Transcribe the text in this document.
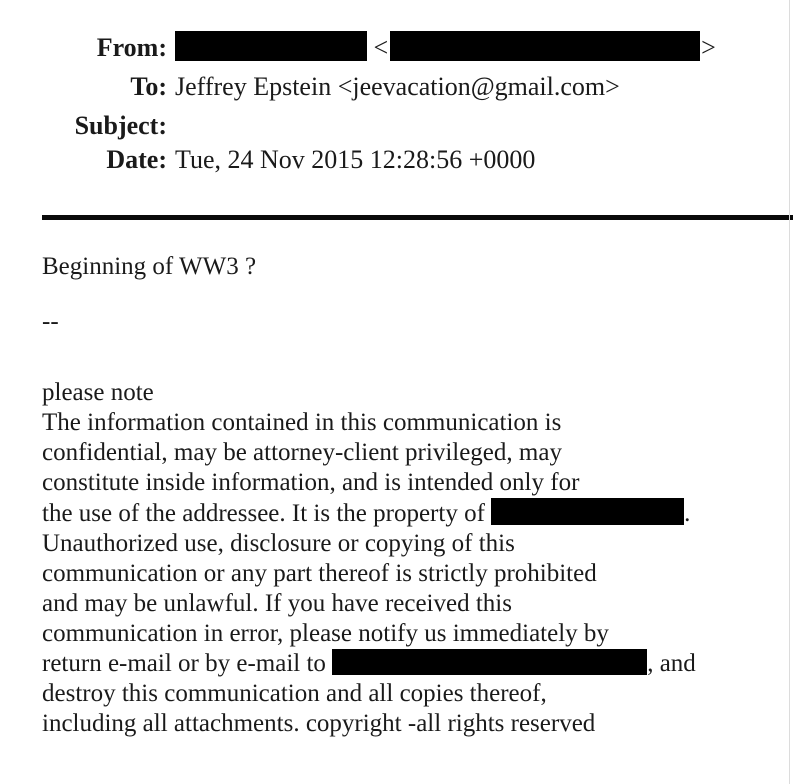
From:	<	>
To: Jeffrey Epstein <jeevacation@gmail.com>
Subject:
Date: Tue, 24 Nov 2015 12:28:56 +0000
Beginning of WW3 ?
--
please note
The information contained in this communication is
confidential, may be attorney-client privileged, may
constitute inside information, and is intended only for
the use of the addressee. It is the property of	.
Unauthorized use, disclosure or copying of this
communication or any part thereof is strictly prohibited
and may be unlawful. If you have received this
communication in error, please notify us immediately by
return e-mail or by e-mail to	, and
destroy this communication and all copies thereof,
including all attachments. copyright -all rights reserved
